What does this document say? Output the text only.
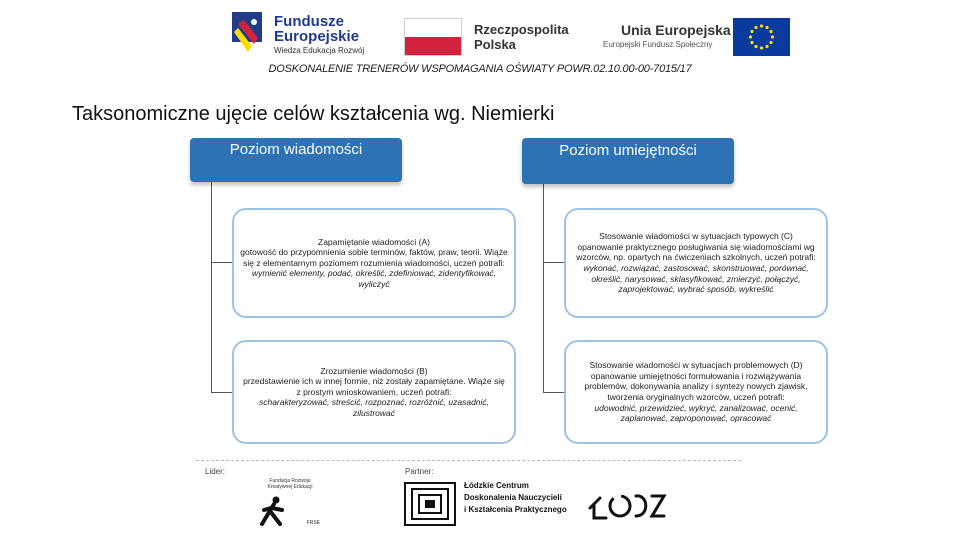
Fundusze
Europejskie
Wiedza Edukacja Rozwój
Rzeczpospolita
Polska
Unia Europejska
Europejski Fundusz Społeczny
DOSKONALENIE TRENERÓW WSPOMAGANIA OŚWIATY POWR.02.10.00-00-7015/17
Taksonomiczne ujęcie celów kształcenia wg. Niemierki
Poziom wiadomości	Poziom umiejętności
Zapamiętanie wiadomości (A)
gotowość do przypomnienia sobie terminów, faktów, praw, teorii. Wiąże się z elementarnym poziomem rozumienia wiadomości, uczeń potrafi:
wymienić elementy, podać, określić, zdefiniować, zidentyfikować, wyliczyć
Zrozumienie wiadomości (B)
przedstawienie ich w innej formie, niż zostały zapamiętane. Wiąże się z prostym wnioskowaniem, uczeń potrafi:
scharakteryzować, streścić, rozpoznać, rozróżnić, uzasadnić, zilustrować
Stosowanie wiadomości w sytuacjach typowych (C)
opanowanie praktycznego posługiwania się wiadomościami wg wzorców, np. opartych na ćwiczeniach szkolnych, uczeń potrafi:
wykonać, rozwiązać, zastosować, skonstruować, porównać, określić, narysować, sklasyfikować, zmierzyć, połączyć, zaprojektować, wybrać sposób, wykreślić
Stosowanie wiadomości w sytuacjach problemowych (D)
opanowanie umiejętności formułowania i rozwiązywania problemów, dokonywania analizy i syntezy nowych zjawisk, tworzenia oryginalnych wzorców, uczeń potrafi:
udowodnić, przewidzieć, wykryć, zanalizować, ocenić, zaplanować, zaproponować, opracować
Lider:	Partner:
Fundacja Rozwoju Kreatywnej Edukacji
FRSE
Łódzkie Centrum
Doskonalenia Nauczycieli
i Kształcenia Praktycznego
